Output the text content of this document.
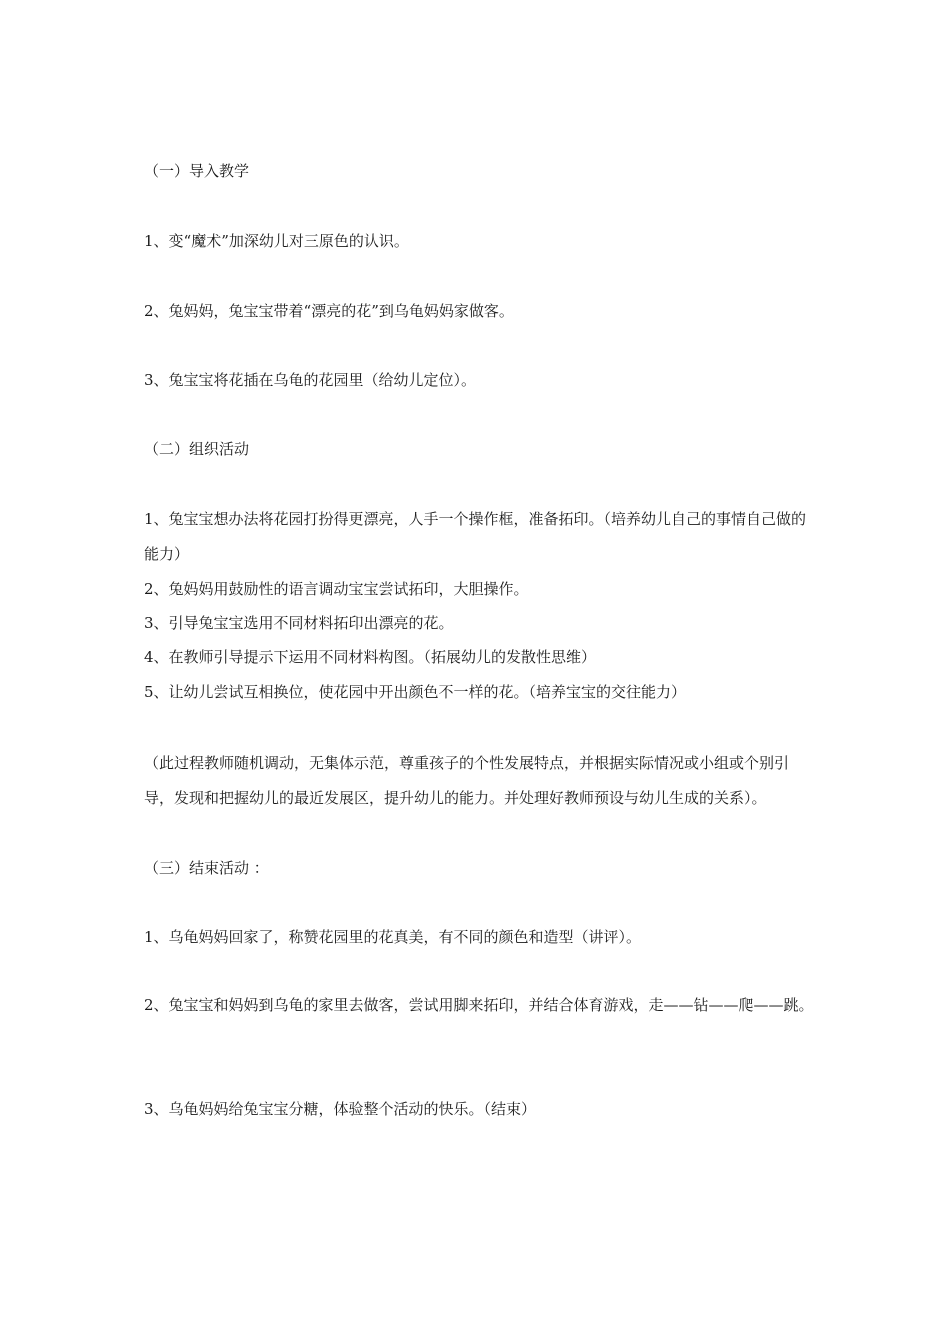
（一）导入教学
1、变“魔术”加深幼儿对三原色的认识。
2、兔妈妈，兔宝宝带着“漂亮的花”到乌龟妈妈家做客。
3、兔宝宝将花插在乌龟的花园里（给幼儿定位）。
（二）组织活动
1、兔宝宝想办法将花园打扮得更漂亮，人手一个操作框，准备拓印。（培养幼儿自己的事情自己做的能力）
2、兔妈妈用鼓励性的语言调动宝宝尝试拓印，大胆操作。
3、引导兔宝宝选用不同材料拓印出漂亮的花。
4、在教师引导提示下运用不同材料构图。（拓展幼儿的发散性思维）
5、让幼儿尝试互相换位，使花园中开出颜色不一样的花。（培养宝宝的交往能力）
（此过程教师随机调动，无集体示范，尊重孩子的个性发展特点，并根据实际情况或小组或个别引导，发现和把握幼儿的最近发展区，提升幼儿的能力。并处理好教师预设与幼儿生成的关系）。
（三）结束活动 ：
1、乌龟妈妈回家了，称赞花园里的花真美，有不同的颜色和造型（讲评）。
2、兔宝宝和妈妈到乌龟的家里去做客，尝试用脚来拓印，并结合体育游戏，走——钻——爬——跳。
3、乌龟妈妈给兔宝宝分糖，体验整个活动的快乐。（结束）
